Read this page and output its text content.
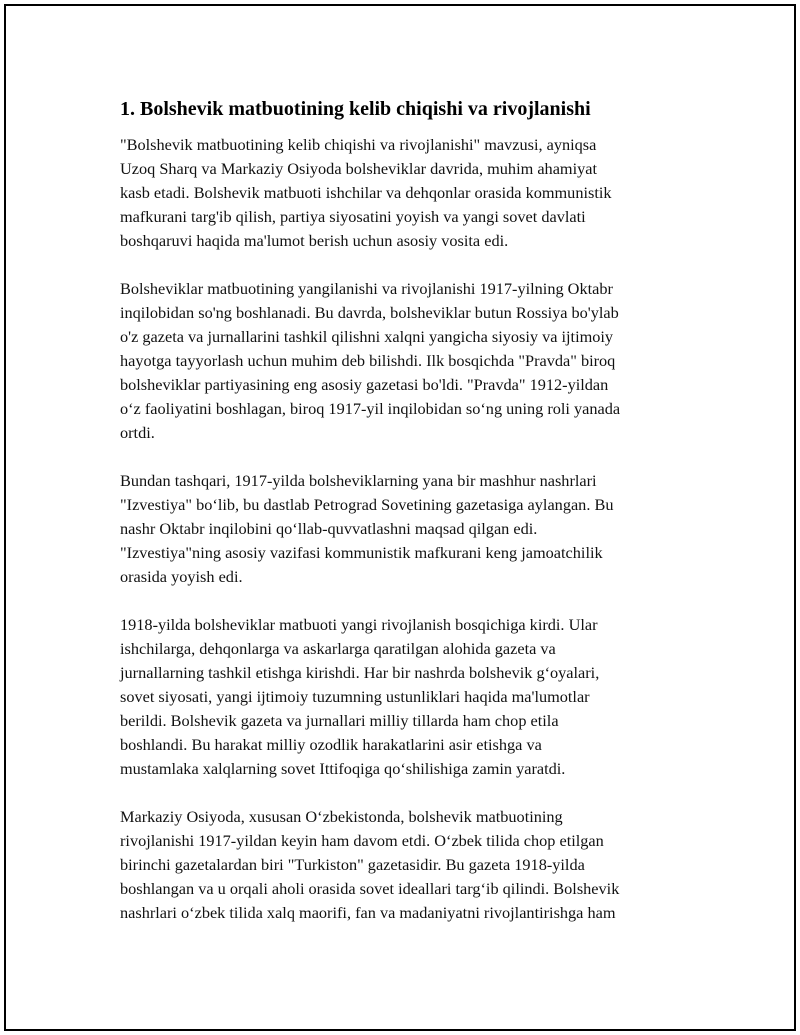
1. Bolshevik matbuotining kelib chiqishi va rivojlanishi

"Bolshevik matbuotining kelib chiqishi va rivojlanishi" mavzusi, ayniqsa
Uzoq Sharq va Markaziy Osiyoda bolsheviklar davrida, muhim ahamiyat
kasb etadi. Bolshevik matbuoti ishchilar va dehqonlar orasida kommunistik
mafkurani targ'ib qilish, partiya siyosatini yoyish va yangi sovet davlati
boshqaruvi haqida ma'lumot berish uchun asosiy vosita edi.

Bolsheviklar matbuotining yangilanishi va rivojlanishi 1917-yilning Oktabr
inqilobidan so'ng boshlanadi. Bu davrda, bolsheviklar butun Rossiya bo'ylab
o'z gazeta va jurnallarini tashkil qilishni xalqni yangicha siyosiy va ijtimoiy
hayotga tayyorlash uchun muhim deb bilishdi. Ilk bosqichda "Pravda" biroq
bolsheviklar partiyasining eng asosiy gazetasi bo'ldi. "Pravda" 1912-yildan
o‘z faoliyatini boshlagan, biroq 1917-yil inqilobidan so‘ng uning roli yanada
ortdi.

Bundan tashqari, 1917-yilda bolsheviklarning yana bir mashhur nashrlari
"Izvestiya" bo‘lib, bu dastlab Petrograd Sovetining gazetasiga aylangan. Bu
nashr Oktabr inqilobini qo‘llab-quvvatlashni maqsad qilgan edi.
"Izvestiya"ning asosiy vazifasi kommunistik mafkurani keng jamoatchilik
orasida yoyish edi.

1918-yilda bolsheviklar matbuoti yangi rivojlanish bosqichiga kirdi. Ular
ishchilarga, dehqonlarga va askarlarga qaratilgan alohida gazeta va
jurnallarning tashkil etishga kirishdi. Har bir nashrda bolshevik g‘oyalari,
sovet siyosati, yangi ijtimoiy tuzumning ustunliklari haqida ma'lumotlar
berildi. Bolshevik gazeta va jurnallari milliy tillarda ham chop etila
boshlandi. Bu harakat milliy ozodlik harakatlarini asir etishga va
mustamlaka xalqlarning sovet Ittifoqiga qo‘shilishiga zamin yaratdi.

Markaziy Osiyoda, xususan O‘zbekistonda, bolshevik matbuotining
rivojlanishi 1917-yildan keyin ham davom etdi. O‘zbek tilida chop etilgan
birinchi gazetalardan biri "Turkiston" gazetasidir. Bu gazeta 1918-yilda
boshlangan va u orqali aholi orasida sovet ideallari targ‘ib qilindi. Bolshevik
nashrlari o‘zbek tilida xalq maorifi, fan va madaniyatni rivojlantirishga ham
